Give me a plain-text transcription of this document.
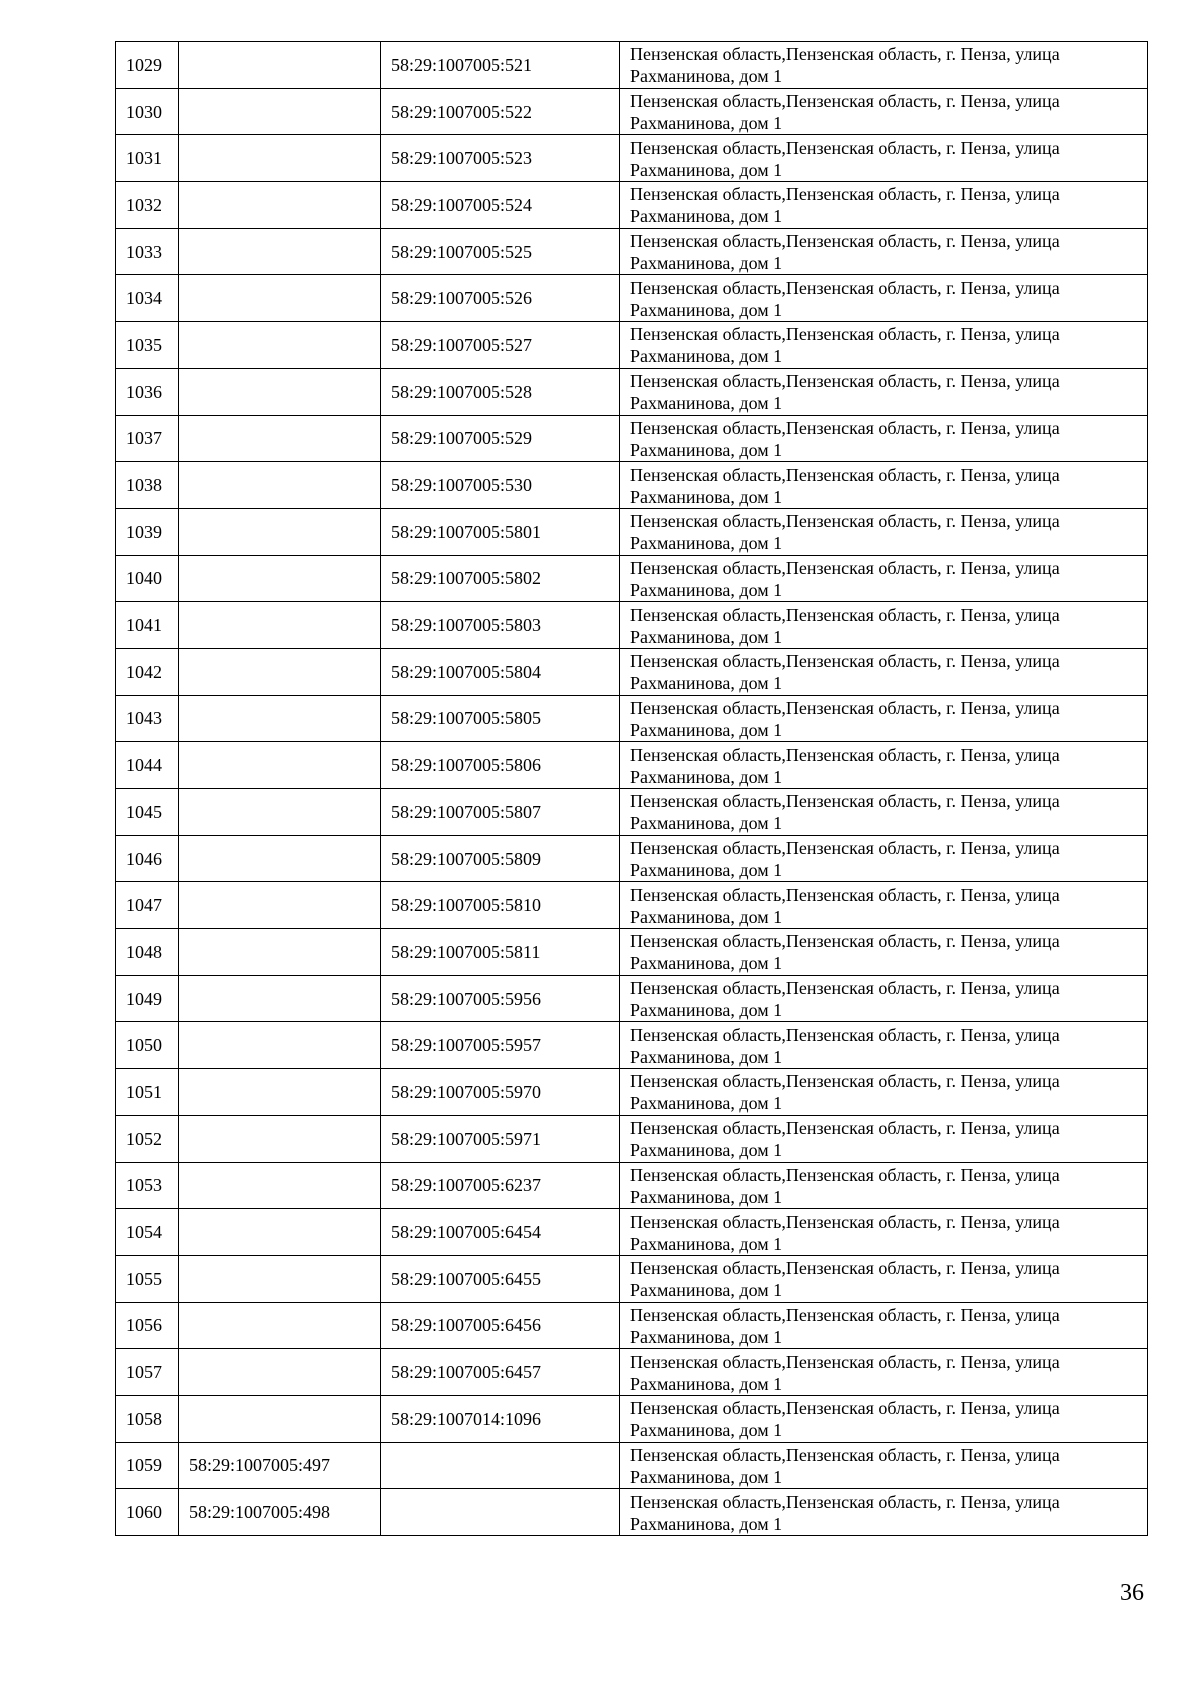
1029		58:29:1007005:521	Пензенская область,Пензенская область, г. Пенза, улица
Рахманинова, дом 1

1030		58:29:1007005:522	Пензенская область,Пензенская область, г. Пенза, улица
Рахманинова, дом 1

1031		58:29:1007005:523	Пензенская область,Пензенская область, г. Пенза, улица
Рахманинова, дом 1

1032		58:29:1007005:524	Пензенская область,Пензенская область, г. Пенза, улица
Рахманинова, дом 1

1033		58:29:1007005:525	Пензенская область,Пензенская область, г. Пенза, улица
Рахманинова, дом 1

1034		58:29:1007005:526	Пензенская область,Пензенская область, г. Пенза, улица
Рахманинова, дом 1

1035		58:29:1007005:527	Пензенская область,Пензенская область, г. Пенза, улица
Рахманинова, дом 1

1036		58:29:1007005:528	Пензенская область,Пензенская область, г. Пенза, улица
Рахманинова, дом 1

1037		58:29:1007005:529	Пензенская область,Пензенская область, г. Пенза, улица
Рахманинова, дом 1

1038		58:29:1007005:530	Пензенская область,Пензенская область, г. Пенза, улица
Рахманинова, дом 1

1039		58:29:1007005:5801	Пензенская область,Пензенская область, г. Пенза, улица
Рахманинова, дом 1

1040		58:29:1007005:5802	Пензенская область,Пензенская область, г. Пенза, улица
Рахманинова, дом 1

1041		58:29:1007005:5803	Пензенская область,Пензенская область, г. Пенза, улица
Рахманинова, дом 1

1042		58:29:1007005:5804	Пензенская область,Пензенская область, г. Пенза, улица
Рахманинова, дом 1

1043		58:29:1007005:5805	Пензенская область,Пензенская область, г. Пенза, улица
Рахманинова, дом 1

1044		58:29:1007005:5806	Пензенская область,Пензенская область, г. Пенза, улица
Рахманинова, дом 1

1045		58:29:1007005:5807	Пензенская область,Пензенская область, г. Пенза, улица
Рахманинова, дом 1

1046		58:29:1007005:5809	Пензенская область,Пензенская область, г. Пенза, улица
Рахманинова, дом 1

1047		58:29:1007005:5810	Пензенская область,Пензенская область, г. Пенза, улица
Рахманинова, дом 1

1048		58:29:1007005:5811	Пензенская область,Пензенская область, г. Пенза, улица
Рахманинова, дом 1

1049		58:29:1007005:5956	Пензенская область,Пензенская область, г. Пенза, улица
Рахманинова, дом 1

1050		58:29:1007005:5957	Пензенская область,Пензенская область, г. Пенза, улица
Рахманинова, дом 1

1051		58:29:1007005:5970	Пензенская область,Пензенская область, г. Пенза, улица
Рахманинова, дом 1

1052		58:29:1007005:5971	Пензенская область,Пензенская область, г. Пенза, улица
Рахманинова, дом 1

1053		58:29:1007005:6237	Пензенская область,Пензенская область, г. Пенза, улица
Рахманинова, дом 1

1054		58:29:1007005:6454	Пензенская область,Пензенская область, г. Пенза, улица
Рахманинова, дом 1

1055		58:29:1007005:6455	Пензенская область,Пензенская область, г. Пенза, улица
Рахманинова, дом 1

1056		58:29:1007005:6456	Пензенская область,Пензенская область, г. Пенза, улица
Рахманинова, дом 1

1057		58:29:1007005:6457	Пензенская область,Пензенская область, г. Пенза, улица
Рахманинова, дом 1

1058		58:29:1007014:1096	Пензенская область,Пензенская область, г. Пенза, улица
Рахманинова, дом 1

1059	58:29:1007005:497		Пензенская область,Пензенская область, г. Пенза, улица
Рахманинова, дом 1

1060	58:29:1007005:498		Пензенская область,Пензенская область, г. Пенза, улица
Рахманинова, дом 1
36
